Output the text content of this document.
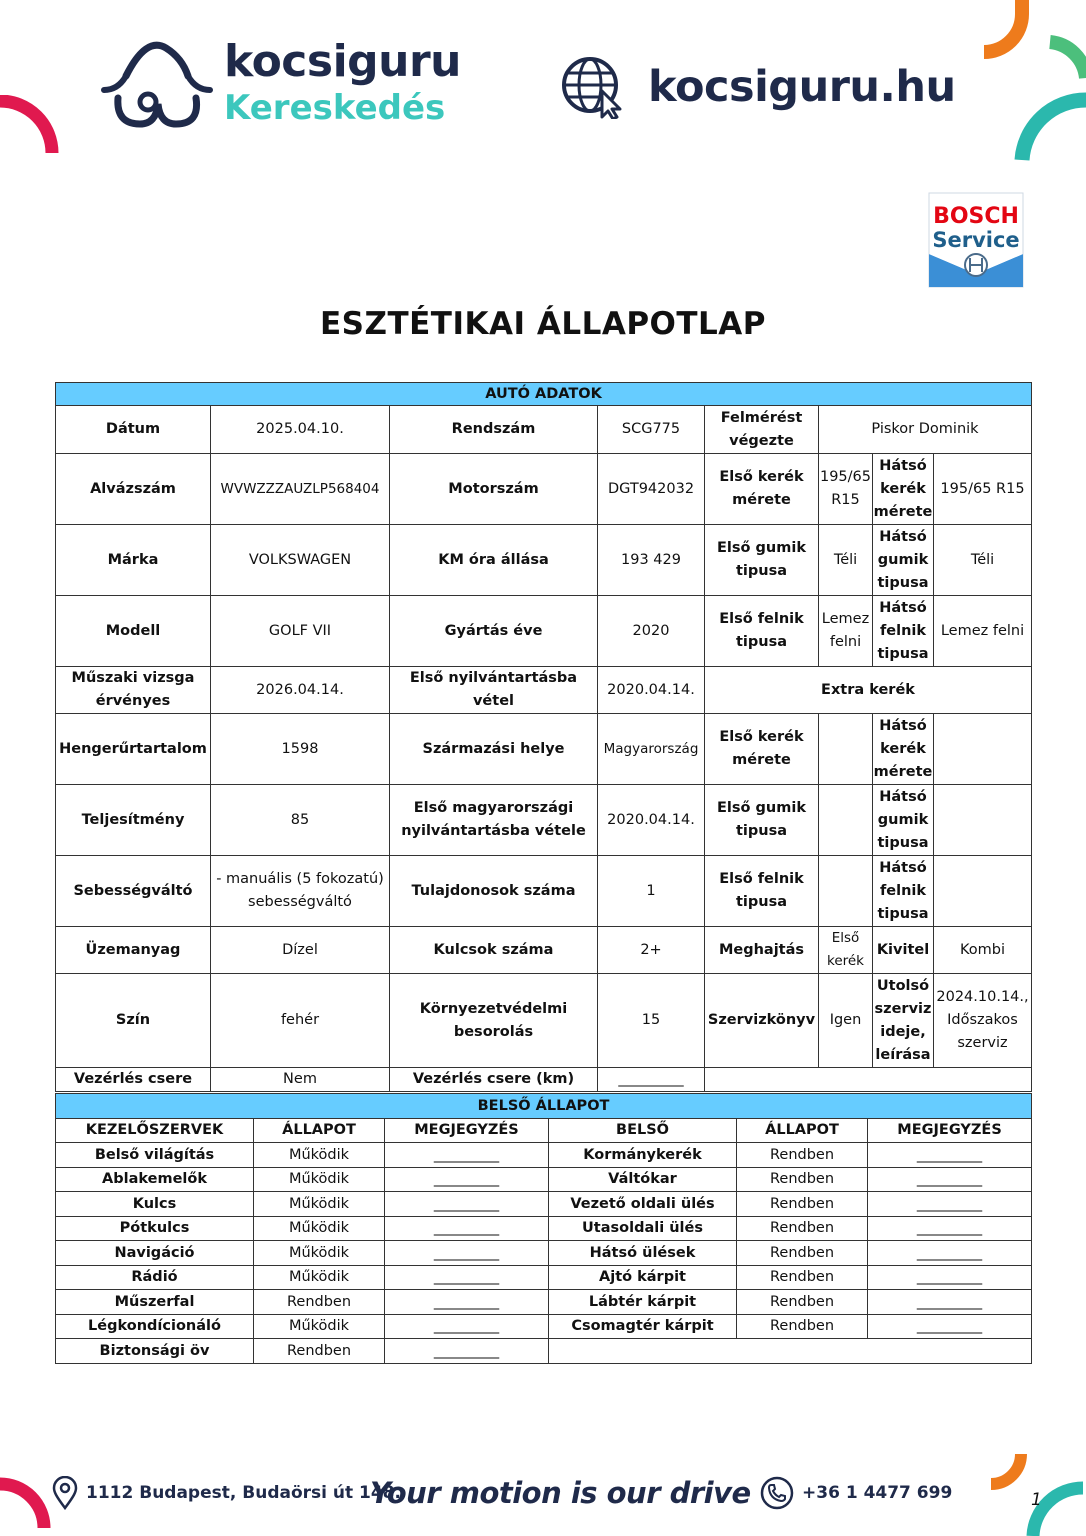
kocsiguru
Kereskedés	kocsiguru.hu
BOSCH
Service
ESZTÉTIKAI ÁLLAPOTLAP
AUTÓ ADATOK							
Dátum	2025.04.10.	Rendszám	SCG775	Felmérést végezte	Piskor Dominik		
Alvázszám	WVWZZZAUZLP568404	Motorszám	DGT942032	Első kerék mérete	195/65 R15	Hátsó kerék mérete	195/65 R15
Márka	VOLKSWAGEN	KM óra állása	193 429	Első gumik tipusa	Téli	Hátsó gumik tipusa	Téli
Modell	GOLF VII	Gyártás éve	2020	Első felnik tipusa	Lemez felni	Hátsó felnik tipusa	Lemez felni
Műszaki vizsga érvényes	2026.04.14.	Első nyilvántartásba vétel	2020.04.14.	Extra kerék			
Hengerűrtartalom	1598	Származási helye	Magyarország	Első kerék mérete		Hátsó kerék mérete	
Teljesítmény	85	Első magyarországi nyilvántartásba vétele	2020.04.14.	Első gumik tipusa		Hátsó gumik tipusa	
Sebességváltó	- manuális (5 fokozatú) sebességváltó	Tulajdonosok száma	1	Első felnik tipusa		Hátsó felnik tipusa	
Üzemanyag	Dízel	Kulcsok száma	2+	Meghajtás	Első kerék	Kivitel	Kombi
Szín	fehér	Környezetvédelmi besorolás	15	Szervizkönyv	Igen	Utolsó szerviz ideje, leírása	2024.10.14., Időszakos szerviz
Vezérlés csere	Nem	Vezérlés csere (km)	_________				
BELSŐ ÁLLAPOT					
KEZELŐSZERVEK	ÁLLAPOT	MEGJEGYZÉS	BELSŐ	ÁLLAPOT	MEGJEGYZÉS
Belső világítás	Működik	_________	Kormánykerék	Rendben	_________
Ablakemelők	Működik	_________	Váltókar	Rendben	_________
Kulcs	Működik	_________	Vezető oldali ülés	Rendben	_________
Pótkulcs	Működik	_________	Utasoldali ülés	Rendben	_________
Navigáció	Működik	_________	Hátsó ülések	Rendben	_________
Rádió	Működik	_________	Ajtó kárpit	Rendben	_________
Műszerfal	Rendben	_________	Lábtér kárpit	Rendben	_________
Légkondícionáló	Működik	_________	Csomagtér kárpit	Rendben	_________
Biztonsági öv	Rendben	_________			
1112 Budapest, Budaörsi út 148.
Your motion is our drive	+36 1 4477 699	1
